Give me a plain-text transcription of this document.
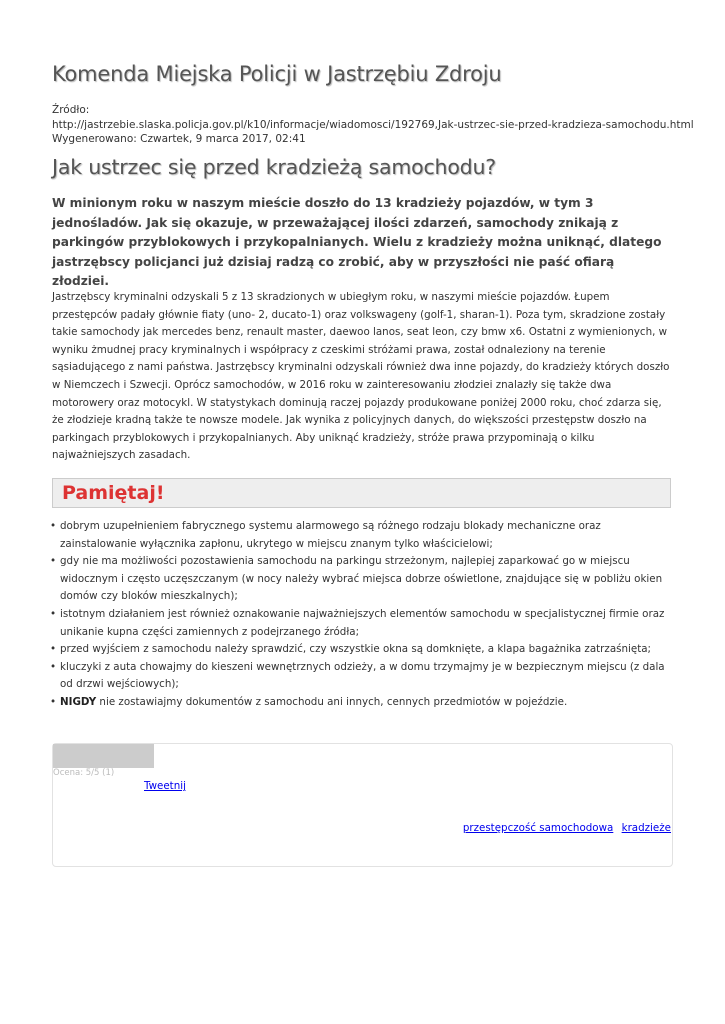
Komenda Miejska Policji w Jastrzębiu Zdroju
Źródło:
http://jastrzebie.slaska.policja.gov.pl/k10/informacje/wiadomosci/192769,Jak-ustrzec-sie-przed-kradzieza-samochodu.html
Wygenerowano: Czwartek, 9 marca 2017, 02:41
Jak ustrzec się przed kradzieżą samochodu?

W minionym roku w naszym mieście doszło do 13 kradzieży pojazdów, w tym 3 jednośladów. Jak się okazuje, w przeważającej ilości zdarzeń, samochody znikają z parkingów przyblokowych i przykopalnianych. Wielu z kradzieży można uniknąć, dlatego jastrzębscy policjanci już dzisiaj radzą co zrobić, aby w przyszłości nie paść ofiarą złodziei.

Jastrzębscy kryminalni odzyskali 5 z 13 skradzionych w ubiegłym roku, w naszymi mieście pojazdów. Łupem przestępców padały głównie fiaty (uno- 2, ducato-1) oraz volkswageny (golf-1, sharan-1). Poza tym, skradzione zostały takie samochody jak mercedes benz, renault master, daewoo lanos, seat leon, czy bmw x6. Ostatni z wymienionych, w wyniku żmudnej pracy kryminalnych i współpracy z czeskimi stróżami prawa, został odnaleziony na terenie sąsiadującego z nami państwa. Jastrzębscy kryminalni odzyskali również dwa inne pojazdy, do kradzieży których doszło w Niemczech i Szwecji. Oprócz samochodów, w 2016 roku w zainteresowaniu złodziei znalazły się także dwa motorowery oraz motocykl. W statystykach dominują raczej pojazdy produkowane poniżej 2000 roku, choć zdarza się, że złodzieje kradną także te nowsze modele. Jak wynika z policyjnych danych, do większości przestępstw doszło na parkingach przyblokowych i przykopalnianych. Aby uniknąć kradzieży, stróże prawa przypominają o kilku najważniejszych zasadach.

Pamiętaj!
• dobrym uzupełnieniem fabrycznego systemu alarmowego są różnego rodzaju blokady mechaniczne oraz zainstalowanie wyłącznika zapłonu, ukrytego w miejscu znanym tylko właścicielowi;
• gdy nie ma możliwości pozostawienia samochodu na parkingu strzeżonym, najlepiej zaparkować go w miejscu widocznym i często uczęszczanym (w nocy należy wybrać miejsca dobrze oświetlone, znajdujące się w pobliżu okien domów czy bloków mieszkalnych);
• istotnym działaniem jest również oznakowanie najważniejszych elementów samochodu w specjalistycznej firmie oraz unikanie kupna części zamiennych z podejrzanego źródła;
• przed wyjściem z samochodu należy sprawdzić, czy wszystkie okna są domknięte, a klapa bagażnika zatrzaśnięta;
• kluczyki z auta chowajmy do kieszeni wewnętrznych odzieży, a w domu trzymajmy je w bezpiecznym miejscu (z dala od drzwi wejściowych);
• NIGDY nie zostawiajmy dokumentów z samochodu ani innych, cennych przedmiotów w pojeździe.
Ocena: 5/5 (1)
Tweetnij
przestępczość samochodowa kradzieże
